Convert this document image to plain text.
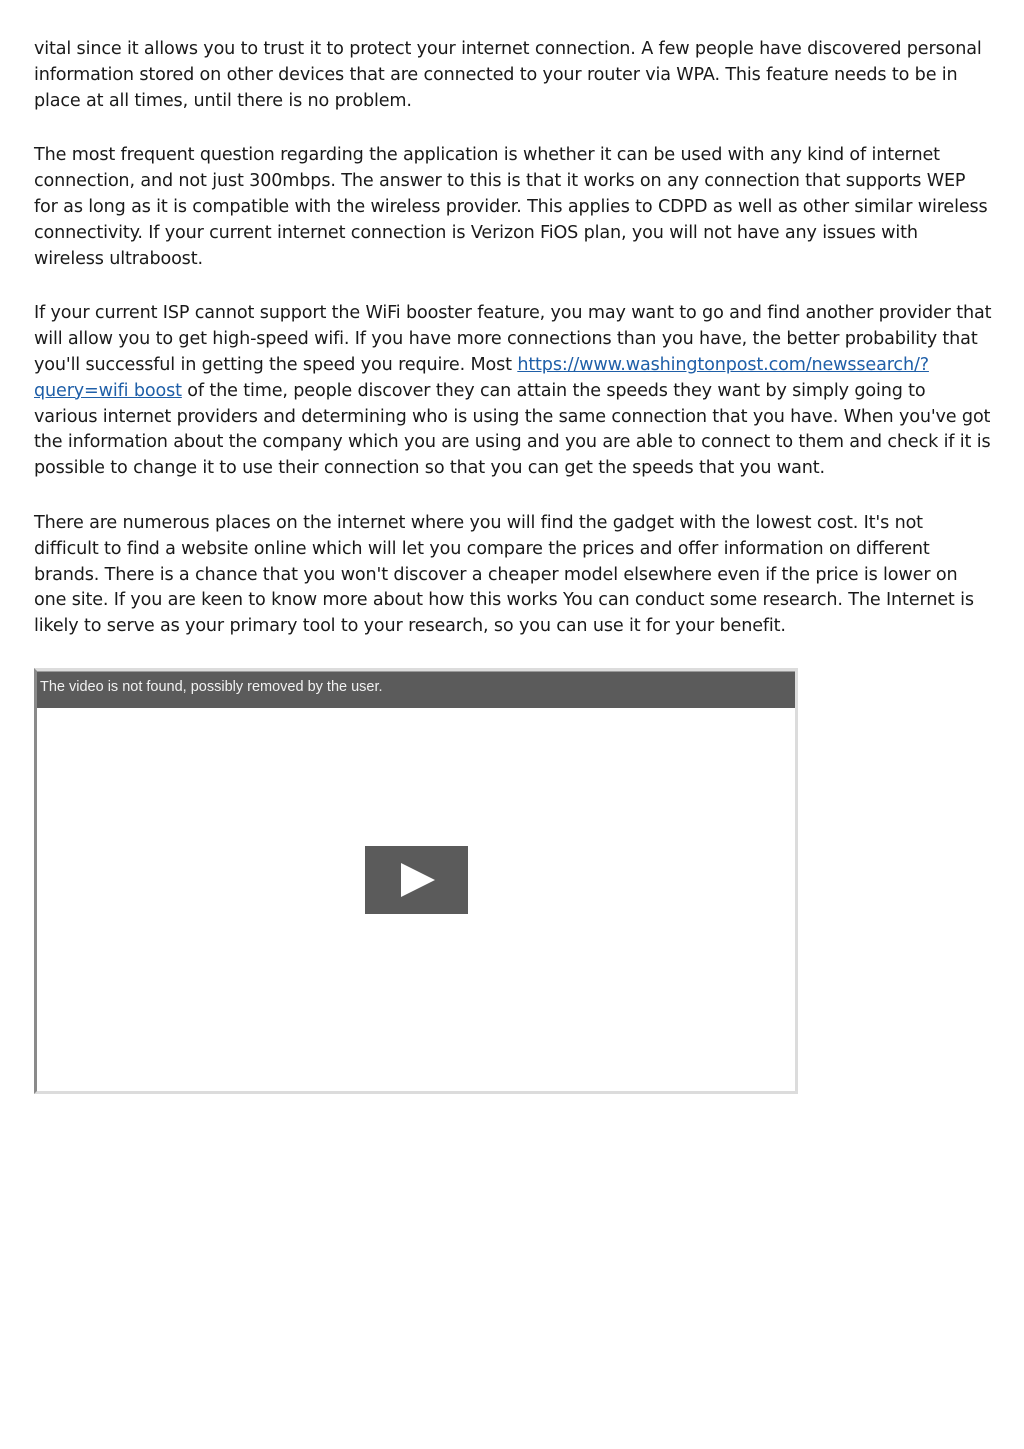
vital since it allows you to trust it to protect your internet connection. A few people have discovered personal information stored on other devices that are connected to your router via WPA. This feature needs to be in place at all times, until there is no problem.

The most frequent question regarding the application is whether it can be used with any kind of internet connection, and not just 300mbps. The answer to this is that it works on any connection that supports WEP for as long as it is compatible with the wireless provider. This applies to CDPD as well as other similar wireless connectivity. If your current internet connection is Verizon FiOS plan, you will not have any issues with wireless ultraboost.

If your current ISP cannot support the WiFi booster feature, you may want to go and find another provider that will allow you to get high-speed wifi. If you have more connections than you have, the better probability that you'll successful in getting the speed you require. Most https://www.washingtonpost.com/newssearch/?query=wifi boost of the time, people discover they can attain the speeds they want by simply going to various internet providers and determining who is using the same connection that you have. When you've got the information about the company which you are using and you are able to connect to them and check if it is possible to change it to use their connection so that you can get the speeds that you want.

There are numerous places on the internet where you will find the gadget with the lowest cost. It's not difficult to find a website online which will let you compare the prices and offer information on different brands. There is a chance that you won't discover a cheaper model elsewhere even if the price is lower on one site. If you are keen to know more about how this works You can conduct some research. The Internet is likely to serve as your primary tool to your research, so you can use it for your benefit.

The video is not found, possibly removed by the user.
